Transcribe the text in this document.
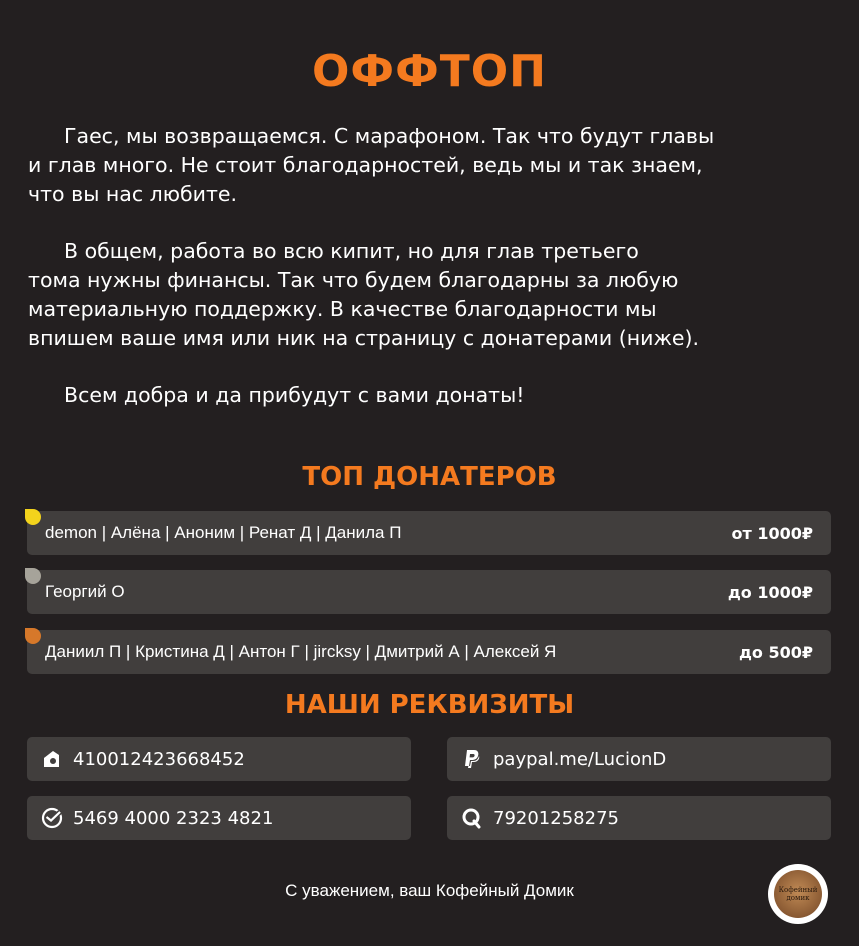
ОФФТОП

Гаес, мы возвращаемся. С марафоном. Так что будут главы
и глав много. Не стоит благодарностей, ведь мы и так знаем,
что вы нас любите.

В общем, работа во всю кипит, но для глав третьего
тома нужны финансы. Так что будем благодарны за любую
материальную поддержку. В качестве благодарности мы
впишем ваше имя или ник на страницу с донатерами (ниже).

Всем добра и да прибудут с вами донаты!

ТОП ДОНАТЕРОВ
demon | Алёна | Аноним | Ренат Д | Данила П	от 1000₽
Георгий О	до 1000₽
Даниил П | Кристина Д | Антон Г | jircksy | Дмитрий А | Алексей Я	до 500₽
НАШИ РЕКВИЗИТЫ
410012423668452	paypal.me/LucionD
5469 4000 2323 4821	79201258275

С уважением, ваш Кофейный Домик	Кофейный домик
